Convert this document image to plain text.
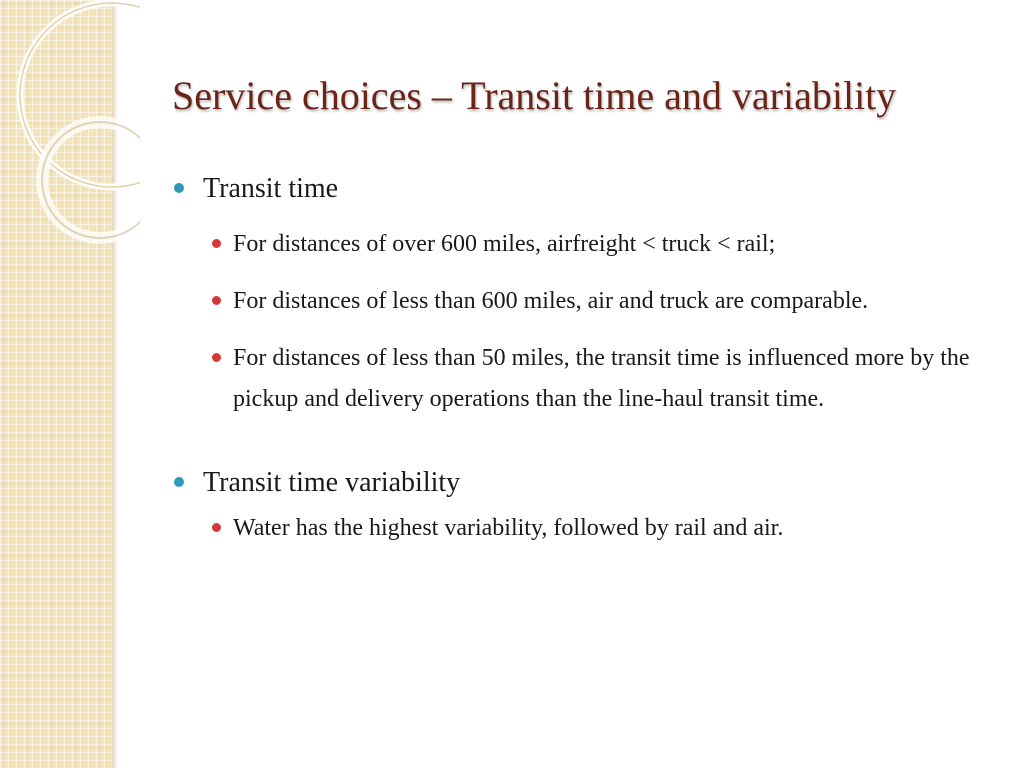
Service choices – Transit time and variability
Transit time
For distances of over 600 miles, airfreight < truck < rail;
For distances of less than 600 miles, air and truck are comparable.
For distances of less than 50 miles, the transit time is influenced more by the pickup and delivery operations than the line-haul transit time.
Transit time variability
Water has the highest variability, followed by rail and air.
